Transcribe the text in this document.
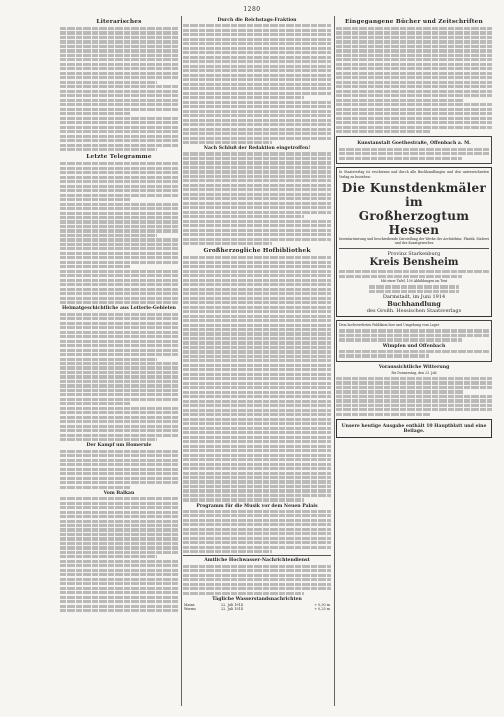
1280
Literarisches
Letzte Telegramme
Heimatgeschichtliche aus Lotterie-Gebieten
Der Kampf um Homerule
Vom Balkan
Durch die Reichstags-Fraktion
Nach Schluß der Redaktion eingetroffen!
Großherzogliche Hofbibliothek
Programm für die Musik vor dem Neuen Palais
Amtliche Hochwasser-Nachrichtendienst
Tägliche Wasserstandsnachrichten
Mainz	22. Juli 1914	+ 0,30 m
Worms	22. Juli 1914	+ 0,25 m
Eingegangene Bücher und Zeitschriften
Kunstanstalt Goethestraße, Offenbach a. M.
In Staatsverlag ist erschienen und durch alle Buchhandlungen und den unterzeichneten Verlag zu beziehen:
Die Kunstdenkmäler im
Großherzogtum Hessen
Inventarisierung und beschreibende Darstellung der Werke der Architektur, Plastik, Malerei und des Kunstgewerbes
Provinz Starkenburg
Kreis Bensheim
Mit einer Tafel, 100 Abbildungen im Text
Darmstadt, im Juni 1914
Buchhandlung
des Großh. Hessischen Staatsverlags
Dem hochverehrten Publikum hier und Umgebung vom Lager
Wimpfen und Offenbach
Voraussichtliche Witterung
für Donnerstag, den 23. Juli
Unsere heutige Ausgabe enthält 10 Hauptblatt und eine Beilage.
